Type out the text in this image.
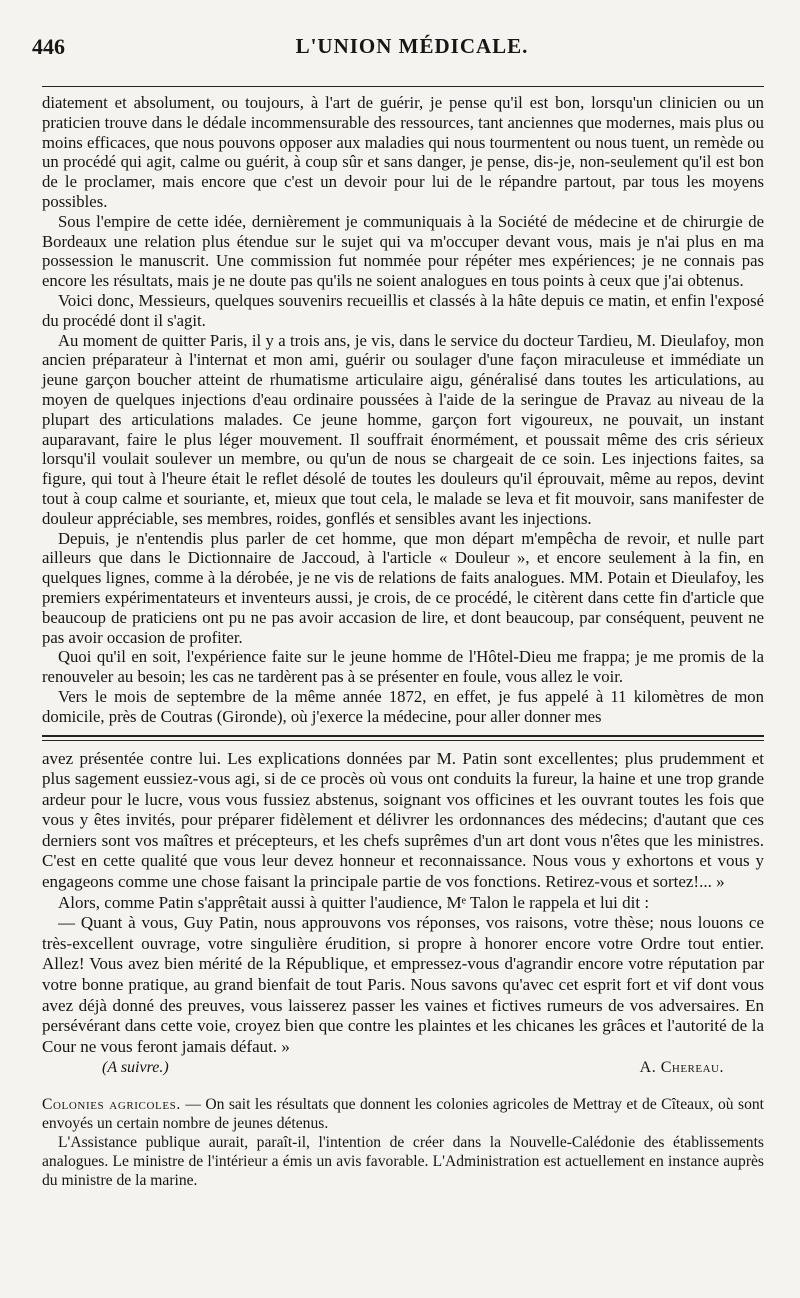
446	L'UNION MÉDICALE.

diatement et absolument, ou toujours, à l'art de guérir, je pense qu'il est bon, lorsqu'un clinicien ou un praticien trouve dans le dédale incommensurable des ressources, tant anciennes que modernes, mais plus ou moins efficaces, que nous pouvons opposer aux maladies qui nous tourmentent ou nous tuent, un remède ou un procédé qui agit, calme ou guérit, à coup sûr et sans danger, je pense, dis-je, non-seulement qu'il est bon de le proclamer, mais encore que c'est un devoir pour lui de le répandre partout, par tous les moyens possibles.

Sous l'empire de cette idée, dernièrement je communiquais à la Société de médecine et de chirurgie de Bordeaux une relation plus étendue sur le sujet qui va m'occuper devant vous, mais je n'ai plus en ma possession le manuscrit. Une commission fut nommée pour répéter mes expériences; je ne connais pas encore les résultats, mais je ne doute pas qu'ils ne soient analogues en tous points à ceux que j'ai obtenus.

Voici donc, Messieurs, quelques souvenirs recueillis et classés à la hâte depuis ce matin, et enfin l'exposé du procédé dont il s'agit.

Au moment de quitter Paris, il y a trois ans, je vis, dans le service du docteur Tardieu, M. Dieulafoy, mon ancien préparateur à l'internat et mon ami, guérir ou soulager d'une façon miraculeuse et immédiate un jeune garçon boucher atteint de rhumatisme articulaire aigu, généralisé dans toutes les articulations, au moyen de quelques injections d'eau ordinaire poussées à l'aide de la seringue de Pravaz au niveau de la plupart des articulations malades. Ce jeune homme, garçon fort vigoureux, ne pouvait, un instant auparavant, faire le plus léger mouvement. Il souffrait énormément, et poussait même des cris sérieux lorsqu'il voulait soulever un membre, ou qu'un de nous se chargeait de ce soin. Les injections faites, sa figure, qui tout à l'heure était le reflet désolé de toutes les douleurs qu'il éprouvait, même au repos, devint tout à coup calme et souriante, et, mieux que tout cela, le malade se leva et fit mouvoir, sans manifester de douleur appréciable, ses membres, roides, gonflés et sensibles avant les injections.

Depuis, je n'entendis plus parler de cet homme, que mon départ m'empêcha de revoir, et nulle part ailleurs que dans le Dictionnaire de Jaccoud, à l'article « Douleur », et encore seulement à la fin, en quelques lignes, comme à la dérobée, je ne vis de relations de faits analogues. MM. Potain et Dieulafoy, les premiers expérimentateurs et inventeurs aussi, je crois, de ce procédé, le citèrent dans cette fin d'article que beaucoup de praticiens ont pu ne pas avoir accasion de lire, et dont beaucoup, par conséquent, peuvent ne pas avoir occasion de profiter.

Quoi qu'il en soit, l'expérience faite sur le jeune homme de l'Hôtel-Dieu me frappa; je me promis de la renouveler au besoin; les cas ne tardèrent pas à se présenter en foule, vous allez le voir.

Vers le mois de septembre de la même année 1872, en effet, je fus appelé à 11 kilomètres de mon domicile, près de Coutras (Gironde), où j'exerce la médecine, pour aller donner mes

avez présentée contre lui. Les explications données par M. Patin sont excellentes; plus prudemment et plus sagement eussiez-vous agi, si de ce procès où vous ont conduits la fureur, la haine et une trop grande ardeur pour le lucre, vous vous fussiez abstenus, soignant vos officines et les ouvrant toutes les fois que vous y êtes invités, pour préparer fidèlement et délivrer les ordonnances des médecins; d'autant que ces derniers sont vos maîtres et précepteurs, et les chefs suprêmes d'un art dont vous n'êtes que les ministres. C'est en cette qualité que vous leur devez honneur et reconnaissance. Nous vous y exhortons et vous y engageons comme une chose faisant la principale partie de vos fonctions. Retirez-vous et sortez!... »

Alors, comme Patin s'apprêtait aussi à quitter l'audience, Mᵉ Talon le rappela et lui dit :

— Quant à vous, Guy Patin, nous approuvons vos réponses, vos raisons, votre thèse; nous louons ce très-excellent ouvrage, votre singulière érudition, si propre à honorer encore votre Ordre tout entier. Allez! Vous avez bien mérité de la République, et empressez-vous d'agrandir encore votre réputation par votre bonne pratique, au grand bienfait de tout Paris. Nous savons qu'avec cet esprit fort et vif dont vous avez déjà donné des preuves, vous laisserez passer les vaines et fictives rumeurs de vos adversaires. En persévérant dans cette voie, croyez bien que contre les plaintes et les chicanes les grâces et l'autorité de la Cour ne vous feront jamais défaut. »

(A suivre.)	A. Chereau.

Colonies agricoles. — On sait les résultats que donnent les colonies agricoles de Mettray et de Cîteaux, où sont envoyés un certain nombre de jeunes détenus.

L'Assistance publique aurait, paraît-il, l'intention de créer dans la Nouvelle-Calédonie des établissements analogues. Le ministre de l'intérieur a émis un avis favorable. L'Administration est actuellement en instance auprès du ministre de la marine.
